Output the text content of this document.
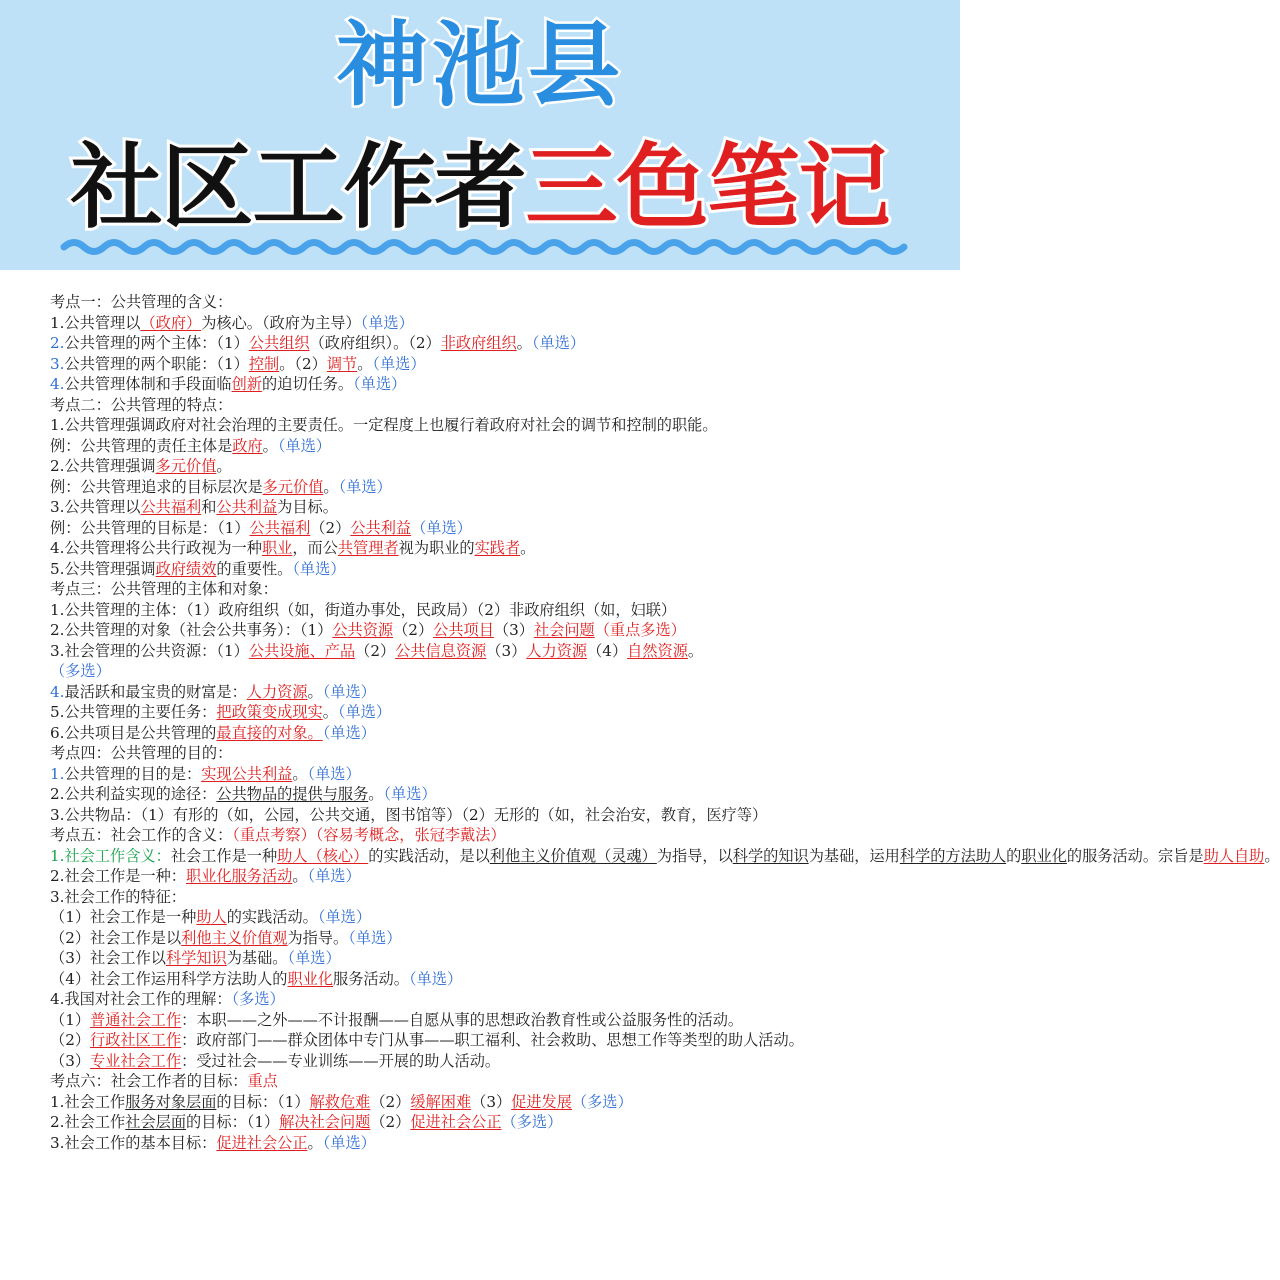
神池县
社区工作者三色笔记
考点一：公共管理的含义：
1.公共管理以（政府）为核心。（政府为主导）（单选）
2.公共管理的两个主体：（1）公共组织（政府组织）。（2）非政府组织。（单选）
3.公共管理的两个职能：（1）控制。（2）调节。（单选）
4.公共管理体制和手段面临创新的迫切任务。（单选）
考点二：公共管理的特点：
1.公共管理强调政府对社会治理的主要责任。一定程度上也履行着政府对社会的调节和控制的职能。
例：公共管理的责任主体是政府。（单选）
2.公共管理强调多元价值。
例：公共管理追求的目标层次是多元价值。（单选）
3.公共管理以公共福利和公共利益为目标。
例：公共管理的目标是：（1）公共福利（2）公共利益（单选）
4.公共管理将公共行政视为一种职业，而公共管理者视为职业的实践者。
5.公共管理强调政府绩效的重要性。（单选）
考点三：公共管理的主体和对象：
1.公共管理的主体：（1）政府组织（如，街道办事处，民政局）（2）非政府组织（如，妇联）
2.公共管理的对象（社会公共事务）：（1）公共资源（2）公共项目（3）社会问题（重点多选）
3.社会管理的公共资源：（1）公共设施、产品（2）公共信息资源（3）人力资源（4）自然资源。
（多选）
4.最活跃和最宝贵的财富是：人力资源。（单选）
5.公共管理的主要任务：把政策变成现实。（单选）
6.公共项目是公共管理的最直接的对象。（单选）
考点四：公共管理的目的：
1.公共管理的目的是：实现公共利益。（单选）
2.公共利益实现的途径：公共物品的提供与服务。（单选）
3.公共物品：（1）有形的（如，公园，公共交通，图书馆等）（2）无形的（如，社会治安，教育，医疗等）
考点五：社会工作的含义：（重点考察）（容易考概念，张冠李戴法）
1.社会工作含义：社会工作是一种助人（核心）的实践活动，是以利他主义价值观（灵魂）为指导，以科学的知识为基础，运用科学的方法助人的职业化的服务活动。宗旨是助人自助。
2.社会工作是一种：职业化服务活动。（单选）
3.社会工作的特征：
（1）社会工作是一种助人的实践活动。（单选）
（2）社会工作是以利他主义价值观为指导。（单选）
（3）社会工作以科学知识为基础。（单选）
（4）社会工作运用科学方法助人的职业化服务活动。（单选）
4.我国对社会工作的理解：（多选）
（1）普通社会工作：本职——之外——不计报酬——自愿从事的思想政治教育性或公益服务性的活动。
（2）行政社区工作：政府部门——群众团体中专门从事——职工福利、社会救助、思想工作等类型的助人活动。
（3）专业社会工作：受过社会——专业训练——开展的助人活动。
考点六：社会工作者的目标：重点
1.社会工作服务对象层面的目标：（1）解救危难（2）缓解困难（3）促进发展（多选）
2.社会工作社会层面的目标：（1）解决社会问题（2）促进社会公正（多选）
3.社会工作的基本目标：促进社会公正。（单选）
